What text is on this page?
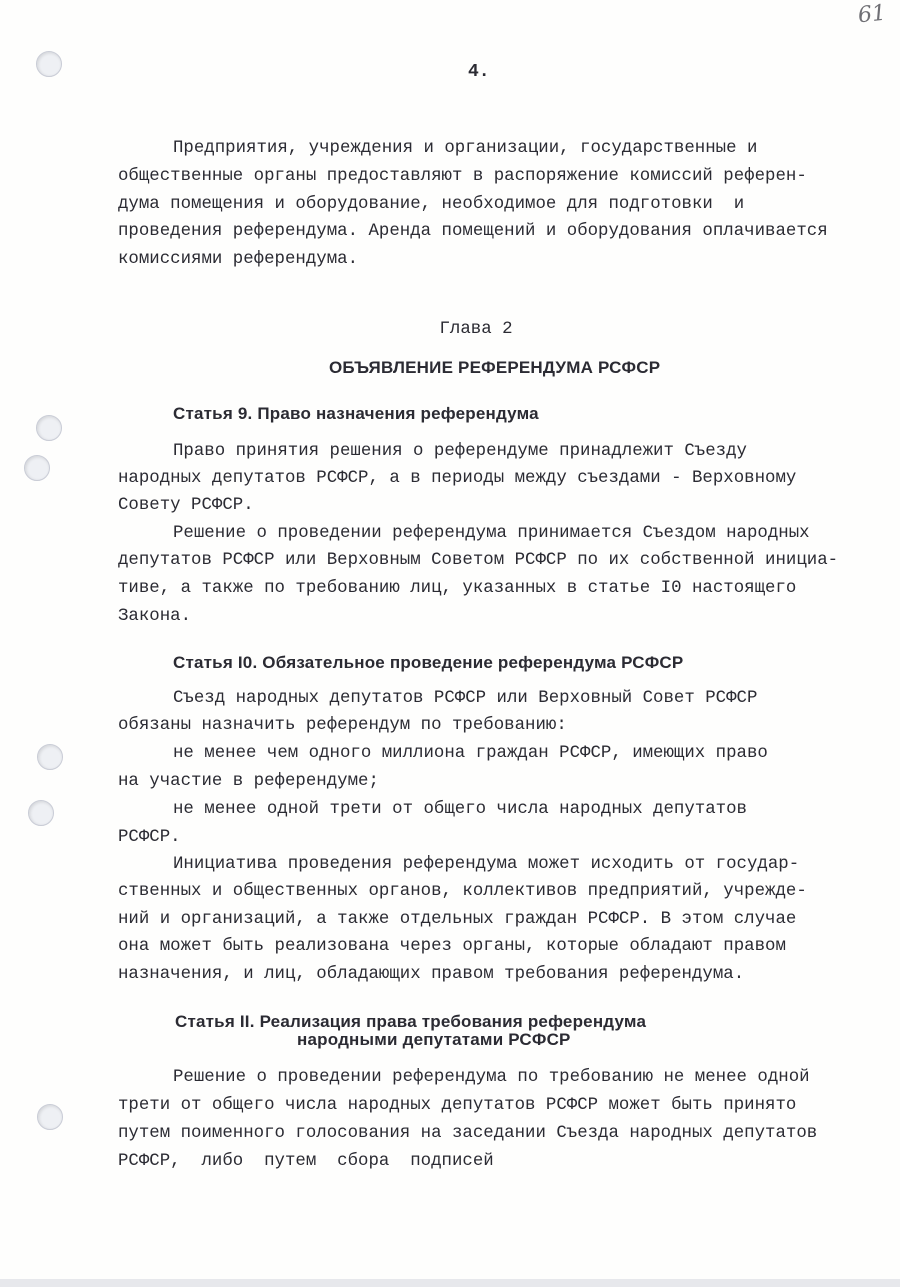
61
4.
Предприятия, учреждения и организации, государственные и
общественные органы предоставляют в распоряжение комиссий референ-
дума помещения и оборудование, необходимое для подготовки  и
проведения референдума. Аренда помещений и оборудования оплачивается
комиссиями референдума.
Глава 2
ОБЪЯВЛЕНИЕ РЕФЕРЕНДУМА РСФСР
Статья 9. Право назначения референдума
Право принятия решения о референдуме принадлежит Съезду
народных депутатов РСФСР, а в периоды между съездами - Верховному
Совету РСФСР.
Решение о проведении референдума принимается Съездом народных
депутатов РСФСР или Верховным Советом РСФСР по их собственной инициа-
тиве, а также по требованию лиц, указанных в статье I0 настоящего
Закона.
Статья I0. Обязательное проведение референдума РСФСР
Съезд народных депутатов РСФСР или Верховный Совет РСФСР
обязаны назначить референдум по требованию:
не менее чем одного миллиона граждан РСФСР, имеющих право
на участие в референдуме;
не менее одной трети от общего числа народных депутатов
РСФСР.
Инициатива проведения референдума может исходить от государ-
ственных и общественных органов, коллективов предприятий, учрежде-
ний и организаций, а также отдельных граждан РСФСР. В этом случае
она может быть реализована через органы, которые обладают правом
назначения, и лиц, обладающих правом требования референдума.
Статья II. Реализация права требования референдума
народными депутатами РСФСР
Решение о проведении референдума по требованию не менее одной
трети от общего числа народных депутатов РСФСР может быть принято
путем поименного голосования на заседании Съезда народных депутатов
РСФСР,  либо  путем  сбора  подписей
